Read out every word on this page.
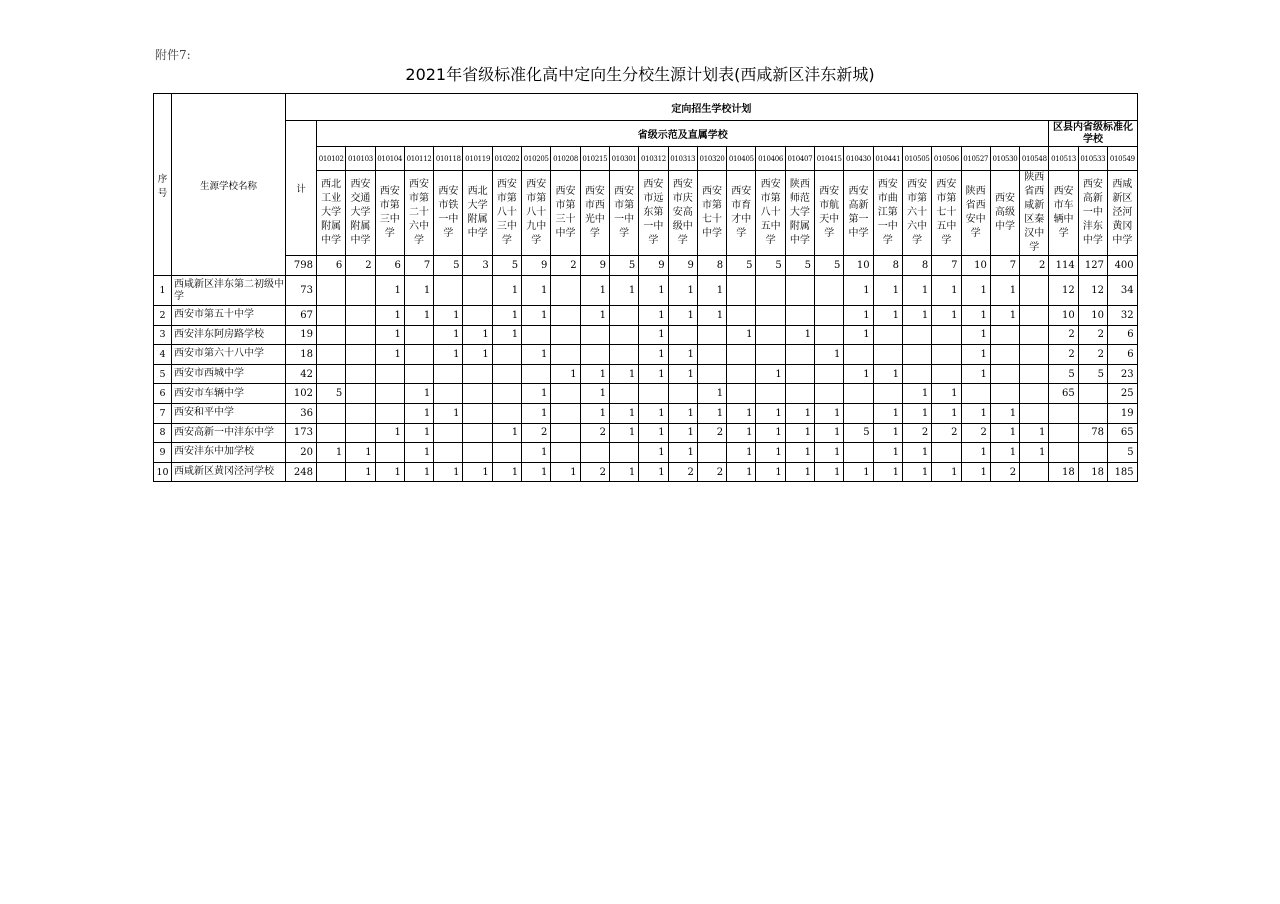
附件7:
2021年省级标准化高中定向生分校生源计划表(西咸新区沣东新城)
序号	生源学校名称	定向招生学校计划																												
		计	省级示范及直属学校																									区县内省级标准化学校		
			010102	010103	010104	010112	010118	010119	010202	010205	010208	010215	010301	010312	010313	010320	010405	010406	010407	010415	010430	010441	010505	010506	010527	010530	010548	010513	010533	010549
			西北工业大学附属中学	西安交通大学附属中学	西安市第三中学	西安市第二十六中学	西安市铁一中学	西北大学附属中学	西安市第八十三中学	西安市第八十九中学	西安市第三十中学	西安市西光中学	西安市第一中学	西安市远东第一中学	西安市庆安高级中学	西安市第七十中学	西安市育才中学	西安市第八十五中学	陕西师范大学附属中学	西安市航天中学	西安高新第一中学	西安市曲江第一中学	西安市第六十六中学	西安市第七十五中学	陕西省西安中学	西安高级中学	陕西省西咸新区秦汉中学	西安市车辆中学	西安高新一中沣东中学	西咸新区泾河黄冈中学
		798	6	2	6	7	5	3	5	9	2	9	5	9	9	8	5	5	5	5	10	8	8	7	10	7	2	114	127	400
1	西咸新区沣东第二初级中学	73			1	1			1	1		1	1	1	1	1					1	1	1	1	1	1		12	12	34
2	西安市第五十中学	67			1	1	1		1	1		1		1	1	1					1	1	1	1	1	1		10	10	32
3	西安沣东阿房路学校	19			1		1	1	1					1			1		1		1				1			2	2	6
4	西安市第六十八中学	18			1		1	1		1				1	1					1					1			2	2	6
5	西安市西城中学	42									1	1	1	1	1			1			1	1			1			5	5	23
6	西安市车辆中学	102	5			1				1		1				1							1	1				65		25
7	西安和平中学	36				1	1			1		1	1	1	1	1	1	1	1	1		1	1	1	1	1				19
8	西安高新一中沣东中学	173			1	1			1	2		2	1	1	1	2	1	1	1	1	5	1	2	2	2	1	1		78	65
9	西安沣东中加学校	20	1	1		1				1				1	1		1	1	1	1		1	1		1	1	1			5
10	西咸新区黄冈泾河学校	248		1	1	1	1	1	1	1	1	2	1	1	2	2	1	1	1	1	1	1	1	1	1	2		18	18	185
